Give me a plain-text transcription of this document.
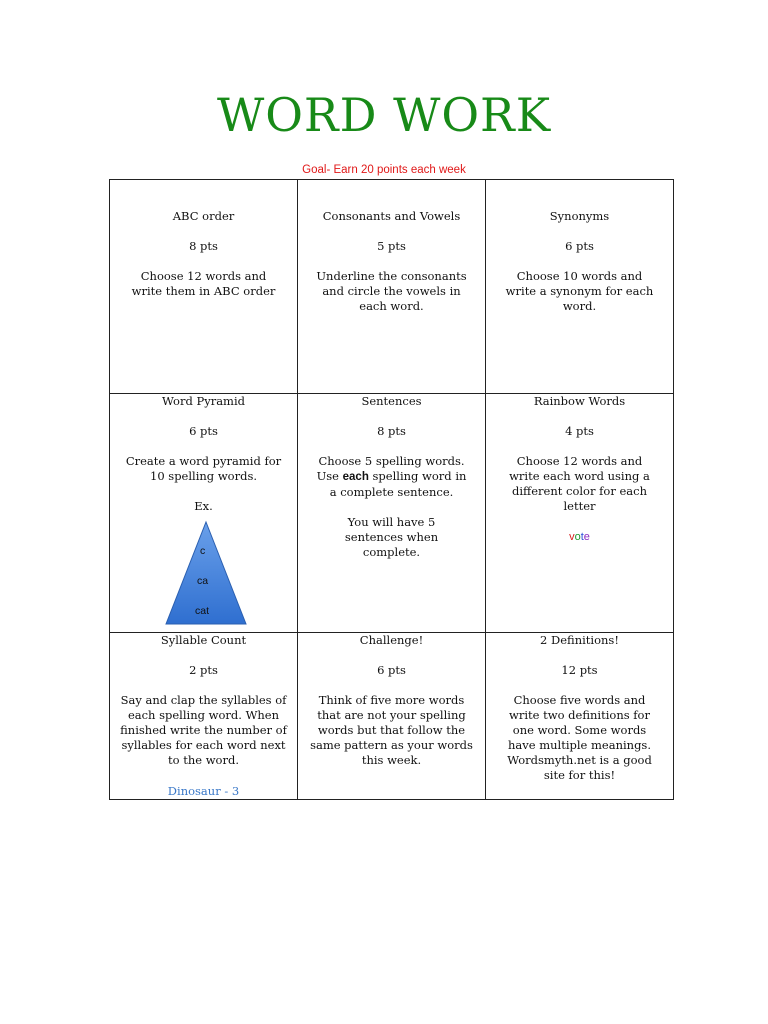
WORD WORK
Goal- Earn 20 points each week
ABC order
8 pts
Choose 12 words and write them in ABC order
Consonants and Vowels
5 pts
Underline the consonants and circle the vowels in each word.
Synonyms
6 pts
Choose 10 words and write a synonym for each word.
Word Pyramid
6 pts
Create a word pyramid for 10 spelling words.
Ex.
c
ca
cat
Sentences
8 pts
Choose 5 spelling words. Use each spelling word in a complete sentence.
You will have 5 sentences when complete.
Rainbow Words
4 pts
Choose 12 words and write each word using a different color for each letter
vote
Syllable Count
2 pts
Say and clap the syllables of each spelling word. When finished write the number of syllables for each word next to the word.
Dinosaur - 3
Challenge!
6 pts
Think of five more words that are not your spelling words but that follow the same pattern as your words this week.
2 Definitions!
12 pts
Choose five words and write two definitions for one word. Some words have multiple meanings. Wordsmyth.net is a good site for this!
